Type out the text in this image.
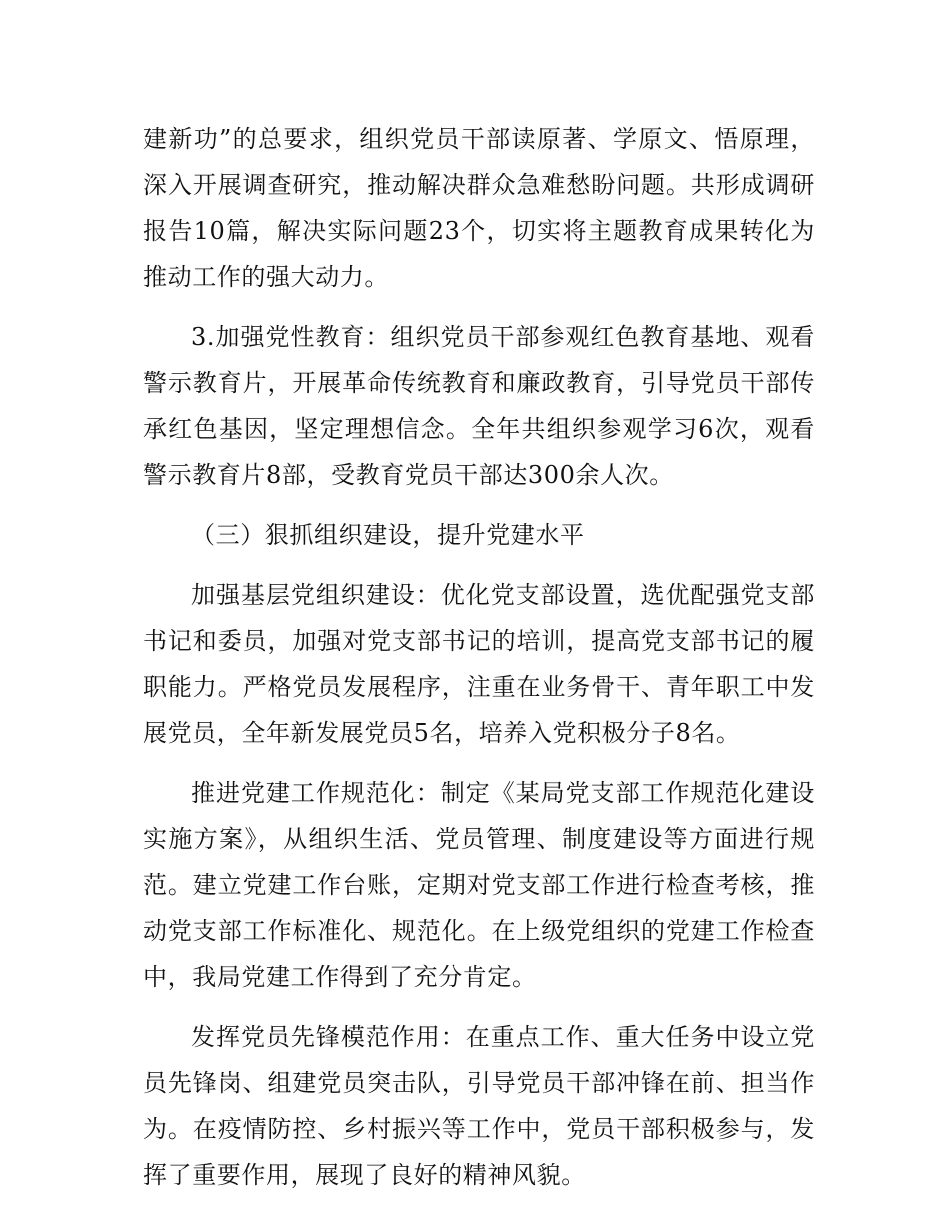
建新功”的总要求，组织党员干部读原著、学原文、悟原理，深入开展调查研究，推动解决群众急难愁盼问题。共形成调研报告10篇，解决实际问题23个，切实将主题教育成果转化为推动工作的强大动力。

3.加强党性教育：组织党员干部参观红色教育基地、观看警示教育片，开展革命传统教育和廉政教育，引导党员干部传承红色基因，坚定理想信念。全年共组织参观学习6次，观看警示教育片8部，受教育党员干部达300余人次。

（三）狠抓组织建设，提升党建水平

加强基层党组织建设：优化党支部设置，选优配强党支部书记和委员，加强对党支部书记的培训，提高党支部书记的履职能力。严格党员发展程序，注重在业务骨干、青年职工中发展党员，全年新发展党员5名，培养入党积极分子8名。

推进党建工作规范化：制定《某局党支部工作规范化建设实施方案》，从组织生活、党员管理、制度建设等方面进行规范。建立党建工作台账，定期对党支部工作进行检查考核，推动党支部工作标准化、规范化。在上级党组织的党建工作检查中，我局党建工作得到了充分肯定。

发挥党员先锋模范作用：在重点工作、重大任务中设立党员先锋岗、组建党员突击队，引导党员干部冲锋在前、担当作为。在疫情防控、乡村振兴等工作中，党员干部积极参与，发挥了重要作用，展现了良好的精神风貌。
